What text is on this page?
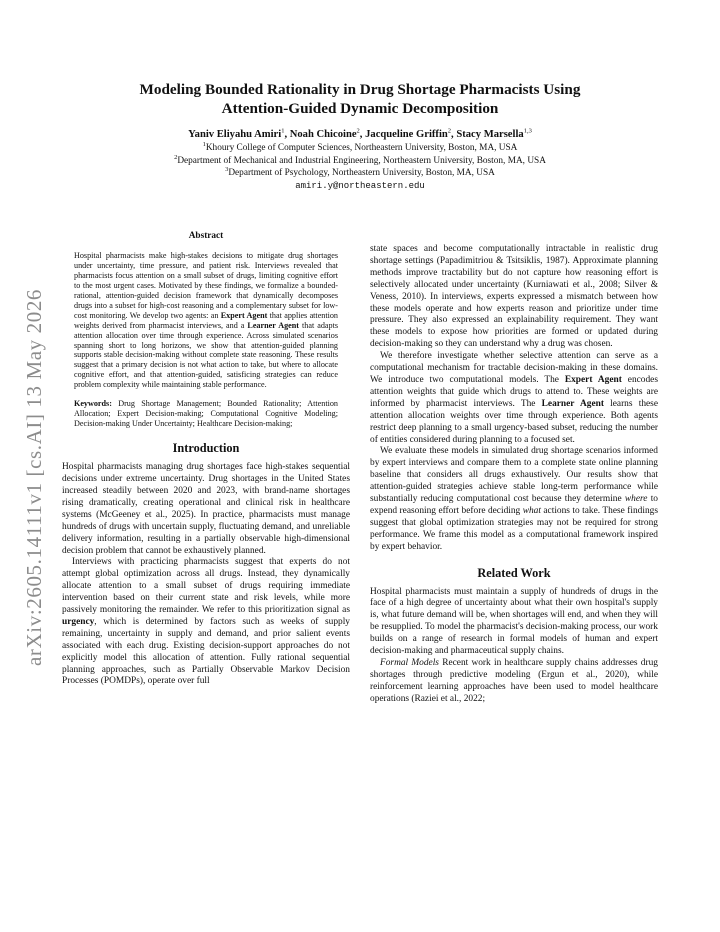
arXiv:2605.14111v1 [cs.AI] 13 May 2026

Modeling Bounded Rationality in Drug Shortage Pharmacists Using
Attention-Guided Dynamic Decomposition

Yaniv Eliyahu Amiri$^1$, Noah Chicoine$^2$, Jacqueline Griffin$^2$, Stacy Marsella$^{1,3}$
$^1$Khoury College of Computer Sciences, Northeastern University, Boston, MA, USA
$^2$Department of Mechanical and Industrial Engineering, Northeastern University, Boston, MA, USA
$^3$Department of Psychology, Northeastern University, Boston, MA, USA
amiri.y@northeastern.edu
Abstract

Hospital pharmacists make high-stakes decisions to mitigate drug shortages under uncertainty, time pressure, and patient risk. Interviews revealed that pharmacists focus attention on a small subset of drugs, limiting cognitive effort to the most urgent cases. Motivated by these findings, we formalize a bounded-rational, attention-guided decision framework that dynamically decomposes drugs into a subset for high-cost reasoning and a complementary subset for low-cost monitoring. We develop two agents: an Expert Agent that applies attention weights derived from pharmacist interviews, and a Learner Agent that adapts attention allocation over time through experience. Across simulated scenarios spanning short to long horizons, we show that attention-guided planning supports stable decision-making without complete state reasoning. These results suggest that a primary decision is not what action to take, but where to allocate cognitive effort, and that attention-guided, satisficing strategies can reduce problem complexity while maintaining stable performance.

Keywords: Drug Shortage Management; Bounded Rationality; Attention Allocation; Expert Decision-making; Computational Cognitive Modeling; Decision-making Under Uncertainty; Healthcare Decision-making;

Introduction

Hospital pharmacists managing drug shortages face high-stakes sequential decisions under extreme uncertainty. Drug shortages in the United States increased steadily between 2020 and 2023, with brand-name shortages rising dramatically, creating operational and clinical risk in healthcare systems (McGeeney et al., 2025). In practice, pharmacists must manage hundreds of drugs with uncertain supply, fluctuating demand, and unreliable delivery information, resulting in a partially observable high-dimensional decision problem that cannot be exhaustively planned.

Interviews with practicing pharmacists suggest that experts do not attempt global optimization across all drugs. Instead, they dynamically allocate attention to a small subset of drugs requiring immediate intervention based on their current state and risk levels, while more passively monitoring the remainder. We refer to this prioritization signal as urgency, which is determined by factors such as weeks of supply remaining, uncertainty in supply and demand, and prior salient events associated with each drug. Existing decision-support approaches do not explicitly model this allocation of attention. Fully rational sequential planning approaches, such as Partially Observable Markov Decision Processes (POMDPs), operate over full

state spaces and become computationally intractable in realistic drug shortage settings (Papadimitriou & Tsitsiklis, 1987). Approximate planning methods improve tractability but do not capture how reasoning effort is selectively allocated under uncertainty (Kurniawati et al., 2008; Silver & Veness, 2010). In interviews, experts expressed a mismatch between how these models operate and how experts reason and prioritize under time pressure. They also expressed an explainability requirement. They want these models to expose how priorities are formed or updated during decision-making so they can understand why a drug was chosen.

We therefore investigate whether selective attention can serve as a computational mechanism for tractable decision-making in these domains. We introduce two computational models. The Expert Agent encodes attention weights that guide which drugs to attend to. These weights are informed by pharmacist interviews. The Learner Agent learns these attention allocation weights over time through experience. Both agents restrict deep planning to a small urgency-based subset, reducing the number of entities considered during planning to a focused set.

We evaluate these models in simulated drug shortage scenarios informed by expert interviews and compare them to a complete state online planning baseline that considers all drugs exhaustively. Our results show that attention-guided strategies achieve stable long-term performance while substantially reducing computational cost because they determine where to expend reasoning effort before deciding what actions to take. These findings suggest that global optimization strategies may not be required for strong performance. We frame this model as a computational framework inspired by expert behavior.

Related Work

Hospital pharmacists must maintain a supply of hundreds of drugs in the face of a high degree of uncertainty about what their own hospital's supply is, what future demand will be, when shortages will end, and when they will be resupplied. To model the pharmacist's decision-making process, our work builds on a range of research in formal models of human and expert decision-making and pharmaceutical supply chains.

Formal Models Recent work in healthcare supply chains addresses drug shortages through predictive modeling (Ergun et al., 2020), while reinforcement learning approaches have been used to model healthcare operations (Raziei et al., 2022;
